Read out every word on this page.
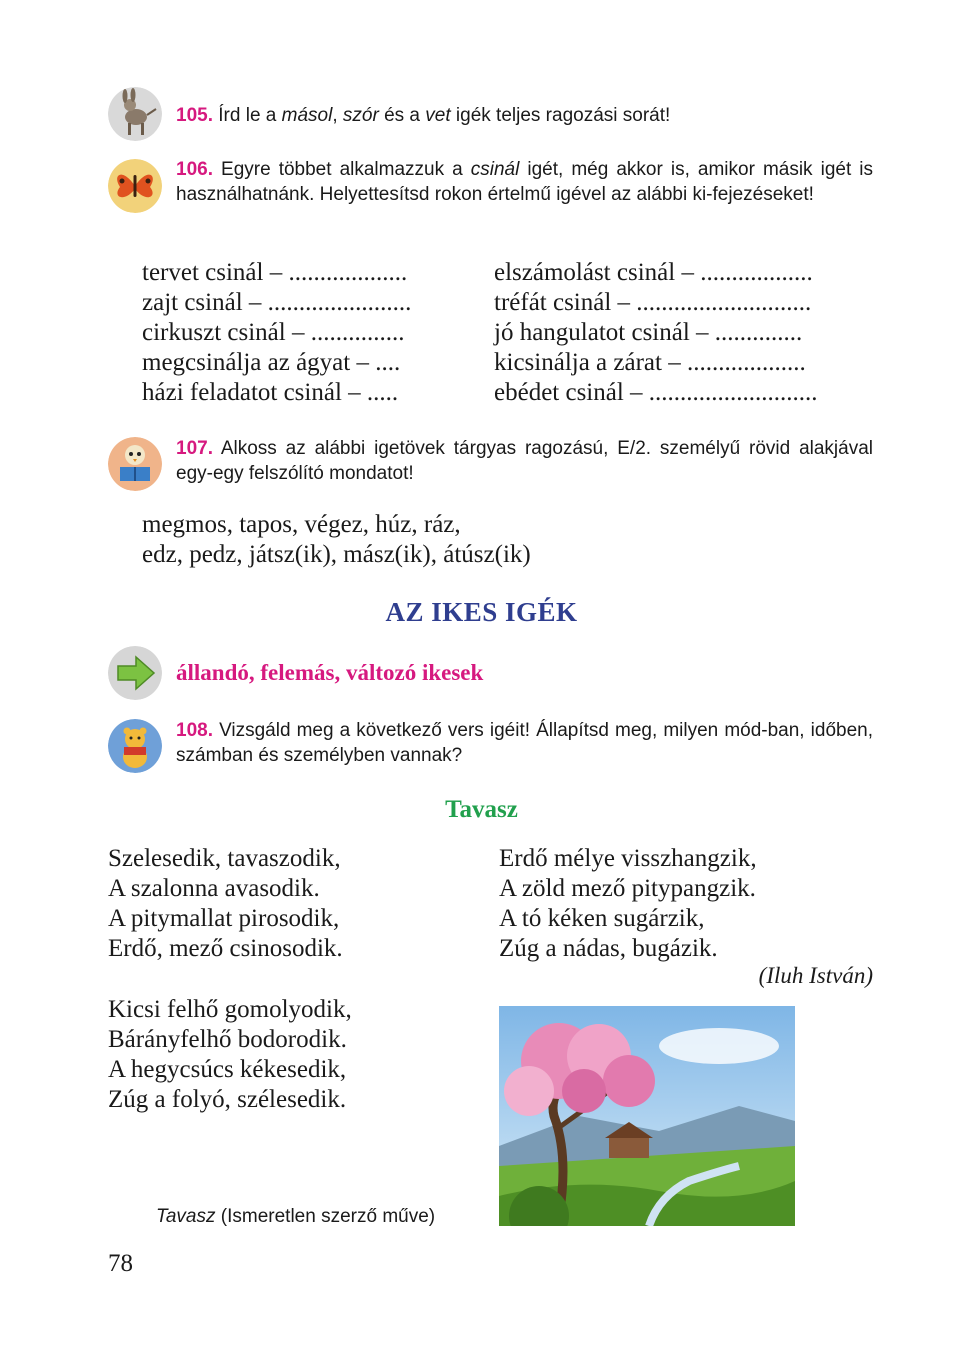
105. Írd le a másol, szór és a vet igék teljes ragozási sorát!
106. Egyre többet alkalmazzuk a csinál igét, még akkor is, amikor másik igét is használhatnánk. Helyettesítsd rokon értelmű igével az alábbi ki-fejezéseket!
tervet csinál – ...................
zajt csinál – .......................
cirkuszt csinál – ...............
megcsinálja az ágyat – ....
házi feladatot csinál – .....
elszámolást csinál – ..................
tréfát csinál – ............................
jó hangulatot csinál – ..............
kicsinálja a zárat – ...................
ebédet csinál – ...........................
107. Alkoss az alábbi igetövek tárgyas ragozású, E/2. személyű rövid alakjával egy-egy felszólító mondatot!
megmos, tapos, végez, húz, ráz,
edz, pedz, játsz(ik), mász(ik), átúsz(ik)
AZ IKES IGÉK
állandó, felemás, változó ikesek
108. Vizsgáld meg a következő vers igéit! Állapítsd meg, milyen mód-ban, időben, számban és személyben vannak?
Tavasz
Szelesedik, tavaszodik,
A szalonna avasodik.
A pitymallat pirosodik,
Erdő, mező csinosodik.
Kicsi felhő gomolyodik,
Bárányfelhő bodorodik.
A hegycsúcs kékesedik,
Zúg a folyó, szélesedik.
Erdő mélye visszhangzik,
A zöld mező pitypangzik.
A tó kéken sugárzik,
Zúg a nádas, bugázik.
(Iluh István)
Tavasz (Ismeretlen szerző műve)
78
